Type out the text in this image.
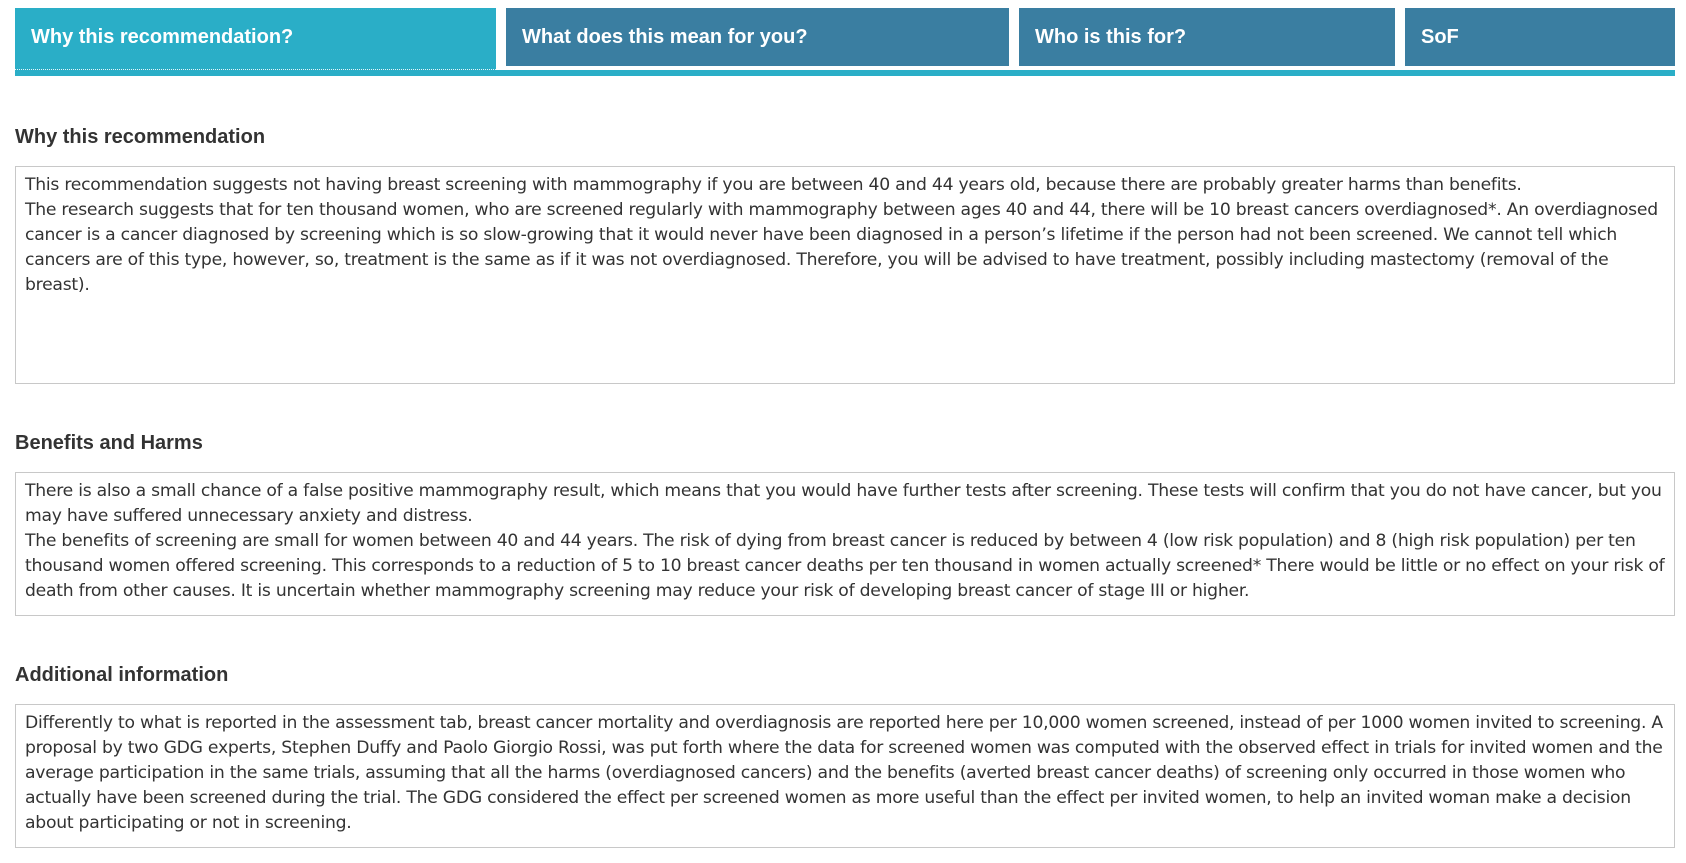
Why this recommendation?	What does this mean for you?	Who is this for?	SoF
Why this recommendation

This recommendation suggests not having breast screening with mammography if you are between 40 and 44 years old, because there are probably greater harms than benefits.

The research suggests that for ten thousand women, who are screened regularly with mammography between ages 40 and 44, there will be 10 breast cancers overdiagnosed*. An overdiagnosed cancer is a cancer diagnosed by screening which is so slow-growing that it would never have been diagnosed in a person’s lifetime if the person had not been screened. We cannot tell which cancers are of this type, however, so, treatment is the same as if it was not overdiagnosed. Therefore, you will be advised to have treatment, possibly including mastectomy (removal of the breast).

Benefits and Harms

There is also a small chance of a false positive mammography result, which means that you would have further tests after screening. These tests will confirm that you do not have cancer, but you may have suffered unnecessary anxiety and distress.

The benefits of screening are small for women between 40 and 44 years. The risk of dying from breast cancer is reduced by between 4 (low risk population) and 8 (high risk population) per ten thousand women offered screening. This corresponds to a reduction of 5 to 10 breast cancer deaths per ten thousand in women actually screened* There would be little or no effect on your risk of death from other causes. It is uncertain whether mammography screening may reduce your risk of developing breast cancer of stage III or higher.

Additional information

Differently to what is reported in the assessment tab, breast cancer mortality and overdiagnosis are reported here per 10,000 women screened, instead of per 1000 women invited to screening. A proposal by two GDG experts, Stephen Duffy and Paolo Giorgio Rossi, was put forth where the data for screened women was computed with the observed effect in trials for invited women and the average participation in the same trials, assuming that all the harms (overdiagnosed cancers) and the benefits (averted breast cancer deaths) of screening only occurred in those women who actually have been screened during the trial. The GDG considered the effect per screened women as more useful than the effect per invited women, to help an invited woman make a decision about participating or not in screening.
